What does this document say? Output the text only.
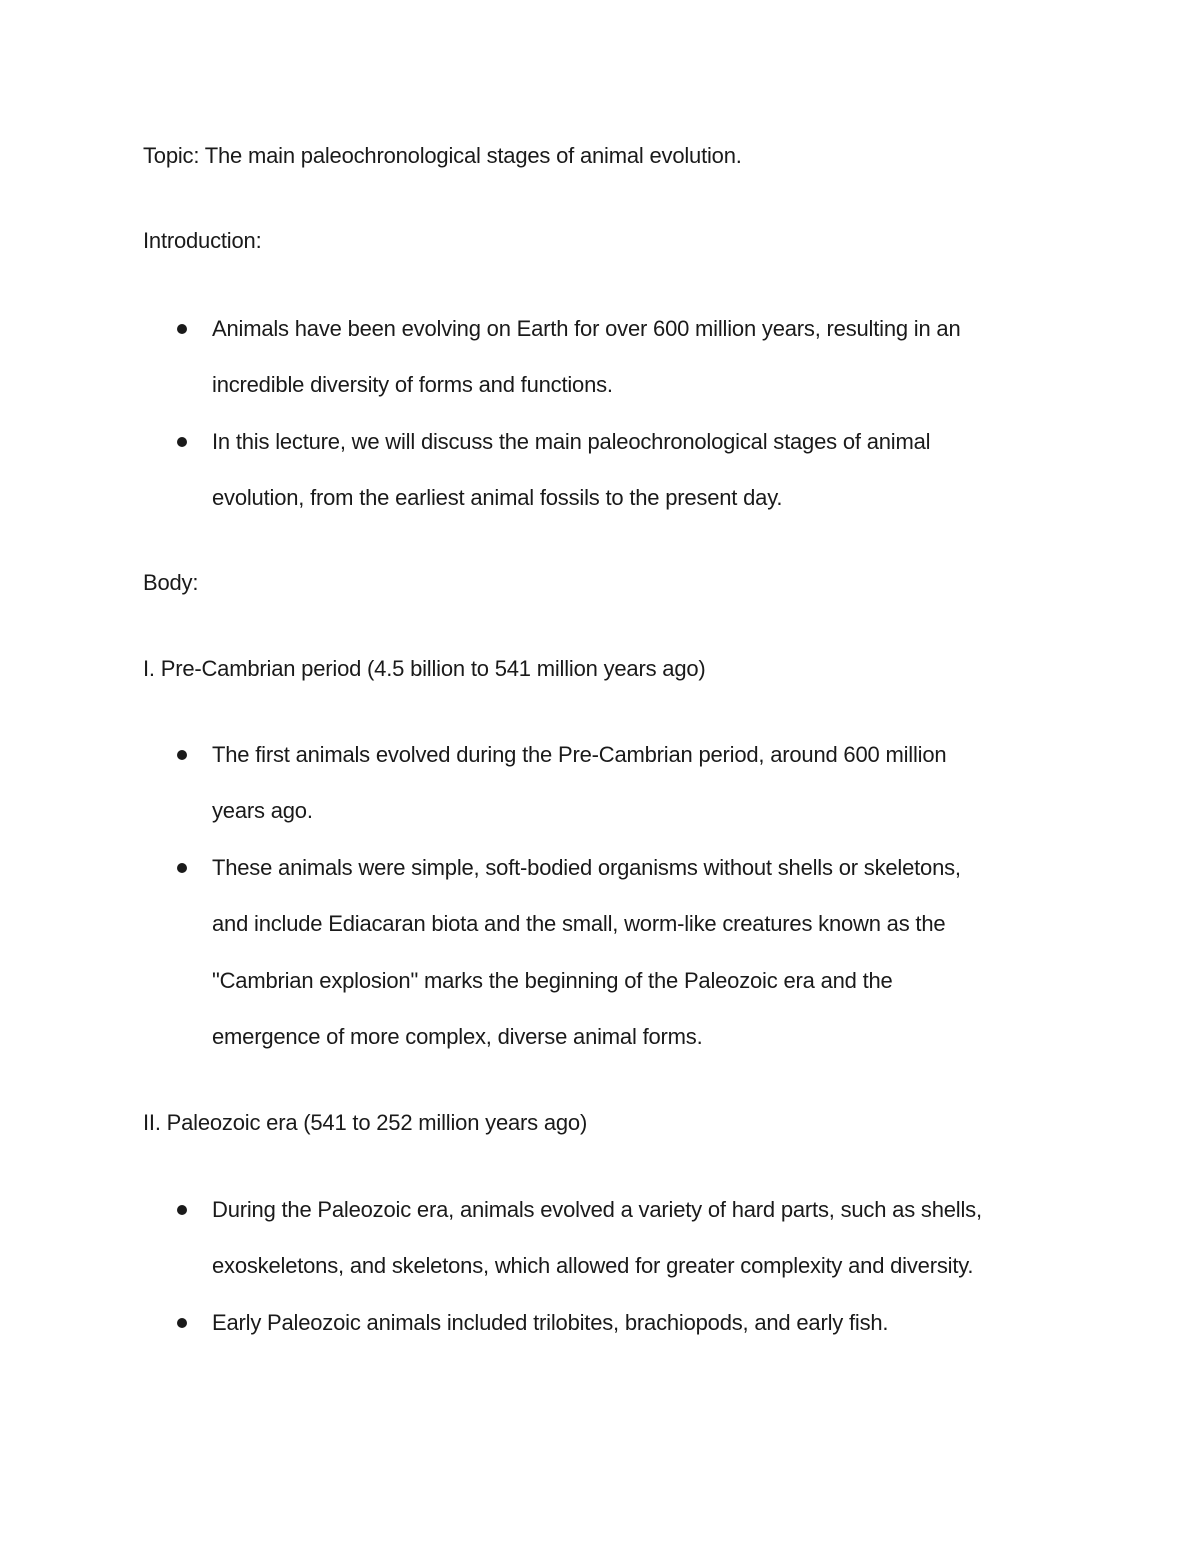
Topic: The main paleochronological stages of animal evolution.
Introduction:
Animals have been evolving on Earth for over 600 million years, resulting in an
incredible diversity of forms and functions.
In this lecture, we will discuss the main paleochronological stages of animal
evolution, from the earliest animal fossils to the present day.
Body:
I. Pre-Cambrian period (4.5 billion to 541 million years ago)
The first animals evolved during the Pre-Cambrian period, around 600 million
years ago.
These animals were simple, soft-bodied organisms without shells or skeletons,
and include Ediacaran biota and the small, worm-like creatures known as the
"Cambrian explosion" marks the beginning of the Paleozoic era and the
emergence of more complex, diverse animal forms.
II. Paleozoic era (541 to 252 million years ago)
During the Paleozoic era, animals evolved a variety of hard parts, such as shells,
exoskeletons, and skeletons, which allowed for greater complexity and diversity.
Early Paleozoic animals included trilobites, brachiopods, and early fish.
